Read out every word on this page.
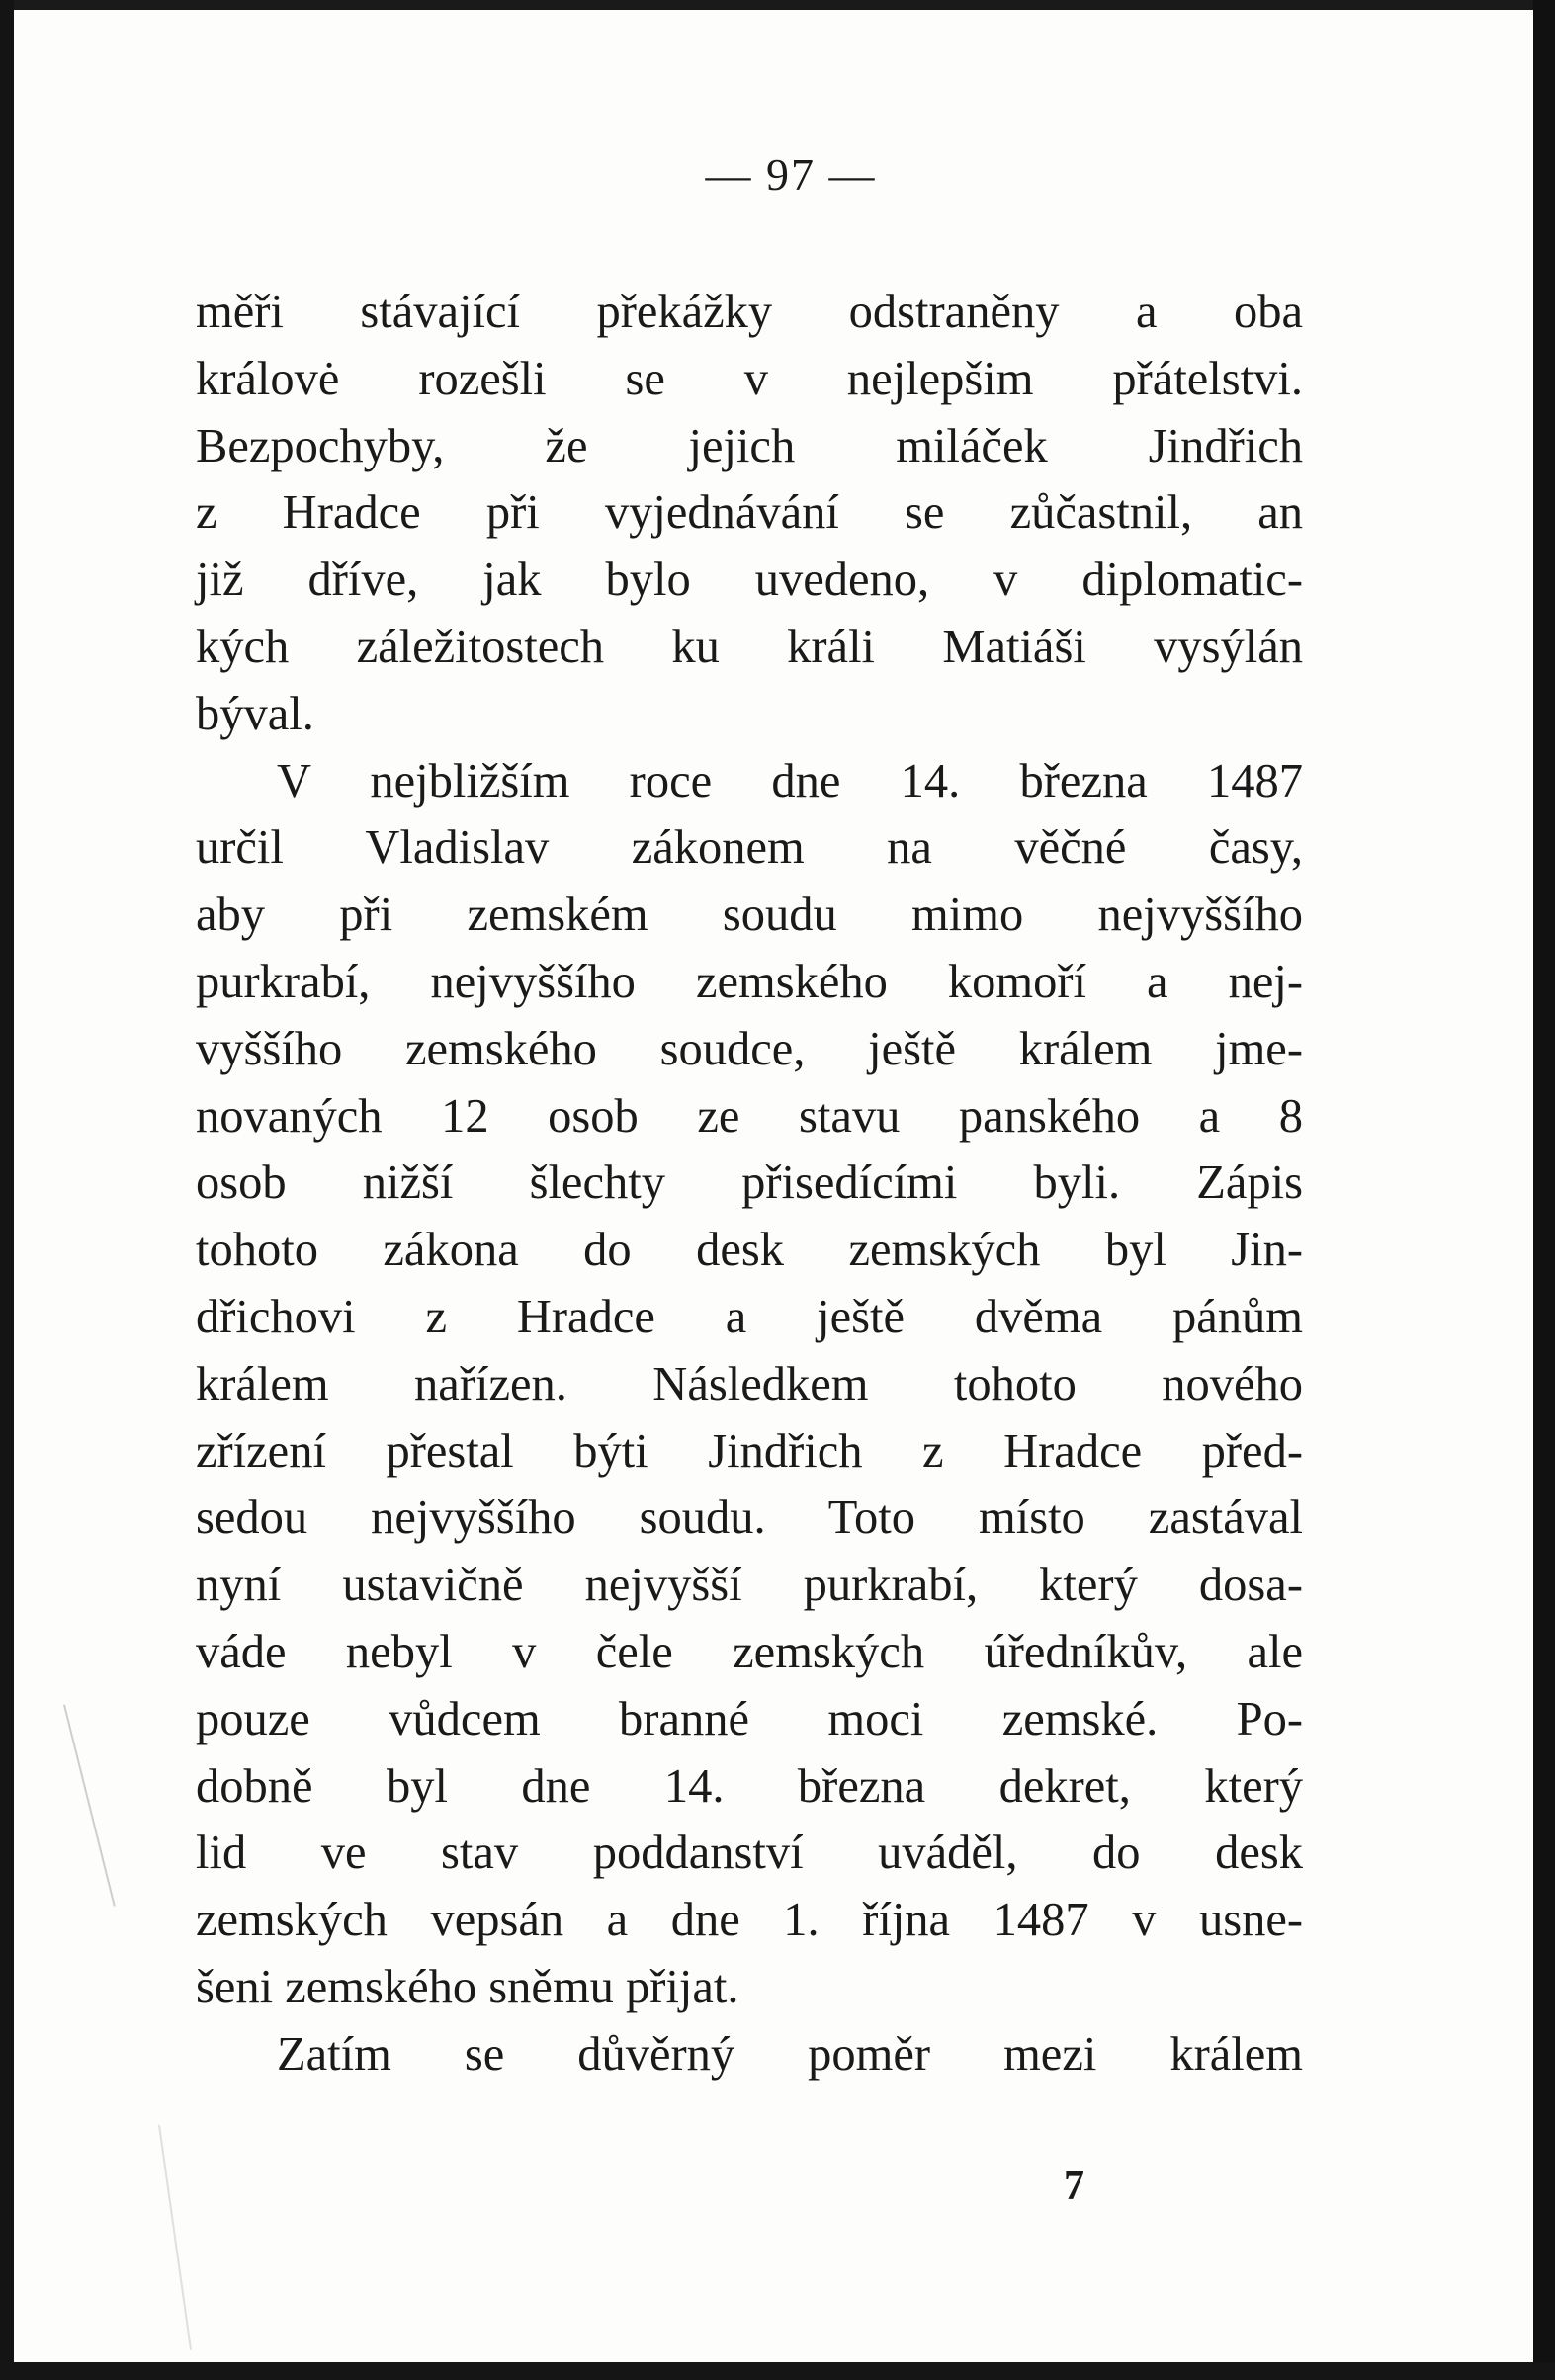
— 97 —
měři stávající překážky odstraněny a oba
královė rozešli se v nejlepšim přátelstvi.
Bezpochyby, že jejich miláček Jindřich
z Hradce při vyjednávání se zůčastnil, an
již dříve, jak bylo uvedeno, v diplomatic-
kých záležitostech ku králi Matiáši vysýlán
býval.
V nejbližším roce dne 14. března 1487
určil Vladislav zákonem na věčné časy,
aby při zemském soudu mimo nejvyššího
purkrabí, nejvyššího zemského komoří a nej-
vyššího zemského soudce, ještě králem jme-
novaných 12 osob ze stavu panského a 8
osob nižší šlechty přisedícími byli. Zápis
tohoto zákona do desk zemských byl Jin-
dřichovi z Hradce a ještě dvěma pánům
králem nařízen. Následkem tohoto nového
zřízení přestal býti Jindřich z Hradce před-
sedou nejvyššího soudu. Toto místo zastával
nyní ustavičně nejvyšší purkrabí, který dosa-
váde nebyl v čele zemských úředníkův, ale
pouze vůdcem branné moci zemské. Po-
dobně byl dne 14. března dekret, který
lid ve stav poddanství uváděl, do desk
zemských vepsán a dne 1. října 1487 v usne-
šeni zemského sněmu přijat.
Zatím se důvěrný poměr mezi králem
7
